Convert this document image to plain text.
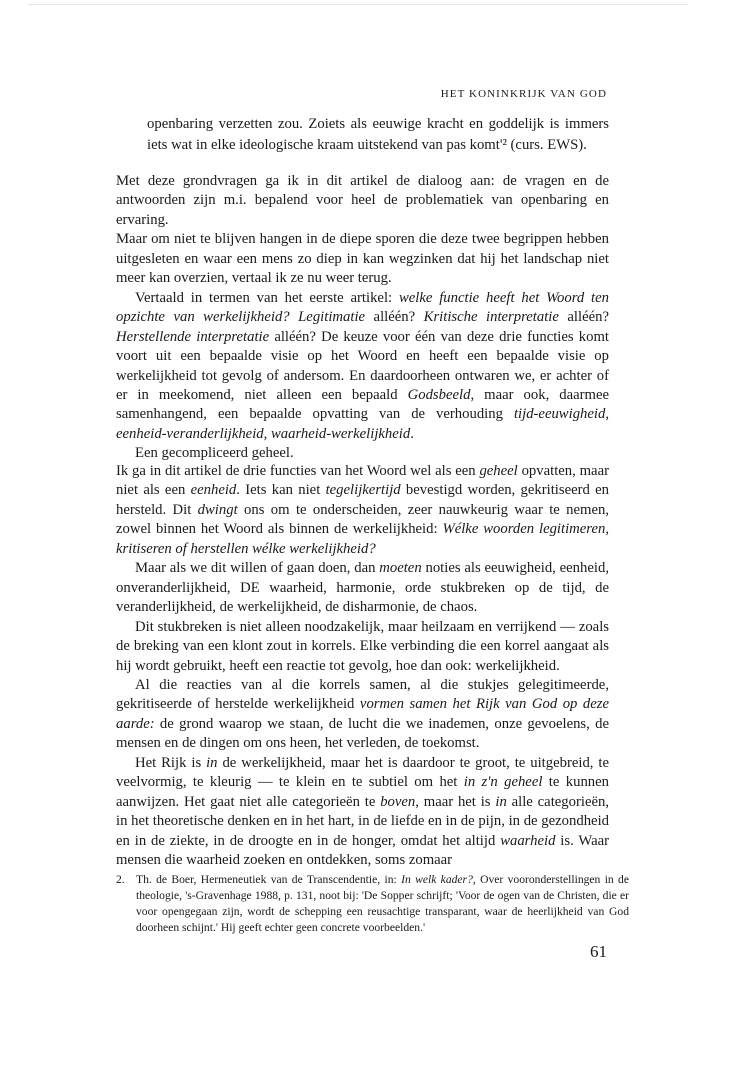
HET KONINKRIJK VAN GOD

openbaring verzetten zou. Zoiets als eeuwige kracht en goddelijk is immers iets wat in elke ideologische kraam uitstekend van pas komt'² (curs. EWS).

Met deze grondvragen ga ik in dit artikel de dialoog aan: de vragen en de antwoorden zijn m.i. bepalend voor heel de problematiek van openbaring en ervaring.

Maar om niet te blijven hangen in de diepe sporen die deze twee begrippen hebben uitgesleten en waar een mens zo diep in kan wegzinken dat hij het landschap niet meer kan overzien, vertaal ik ze nu weer terug.

Vertaald in termen van het eerste artikel: welke functie heeft het Woord ten opzichte van werkelijkheid? Legitimatie alléén? Kritische interpretatie alléén? Herstellende interpretatie alléén? De keuze voor één van deze drie functies komt voort uit een bepaalde visie op het Woord en heeft een bepaalde visie op werkelijkheid tot gevolg of andersom. En daardoorheen ontwaren we, er achter of er in meekomend, niet alleen een bepaald Godsbeeld, maar ook, daarmee samenhangend, een bepaalde opvatting van de verhouding tijd-eeuwigheid, eenheid-veranderlijkheid, waarheid-werkelijkheid.

Een gecompliceerd geheel.

Ik ga in dit artikel de drie functies van het Woord wel als een geheel opvatten, maar niet als een eenheid. Iets kan niet tegelijkertijd bevestigd worden, gekritiseerd en hersteld. Dit dwingt ons om te onderscheiden, zeer nauwkeurig waar te nemen, zowel binnen het Woord als binnen de werkelijkheid: Wélke woorden legitimeren, kritiseren of herstellen wélke werkelijkheid?

Maar als we dit willen of gaan doen, dan moeten noties als eeuwigheid, eenheid, onveranderlijkheid, DE waarheid, harmonie, orde stukbreken op de tijd, de veranderlijkheid, de werkelijkheid, de disharmonie, de chaos.

Dit stukbreken is niet alleen noodzakelijk, maar heilzaam en verrijkend — zoals de breking van een klont zout in korrels. Elke verbinding die een korrel aangaat als hij wordt gebruikt, heeft een reactie tot gevolg, hoe dan ook: werkelijkheid.

Al die reacties van al die korrels samen, al die stukjes gelegitimeerde, gekritiseerde of herstelde werkelijkheid vormen samen het Rijk van God op deze aarde: de grond waarop we staan, de lucht die we inademen, onze gevoelens, de mensen en de dingen om ons heen, het verleden, de toekomst.

Het Rijk is in de werkelijkheid, maar het is daardoor te groot, te uitgebreid, te veelvormig, te kleurig — te klein en te subtiel om het in z'n geheel te kunnen aanwijzen. Het gaat niet alle categorieën te boven, maar het is in alle categorieën, in het theoretische denken en in het hart, in de liefde en in de pijn, in de gezondheid en in de ziekte, in de droogte en in de honger, omdat het altijd waarheid is. Waar mensen die waarheid zoeken en ontdekken, soms zomaar

2. Th. de Boer, Hermeneutiek van de Transcendentie, in: In welk kader?, Over vooronderstellingen in de theologie, 's-Gravenhage 1988, p. 131, noot bij: 'De Sopper schrijft; 'Voor de ogen van de Christen, die er voor opengegaan zijn, wordt de schepping een reusachtige transparant, waar de heerlijkheid van God doorheen schijnt.' Hij geeft echter geen concrete voorbeelden.'
61
